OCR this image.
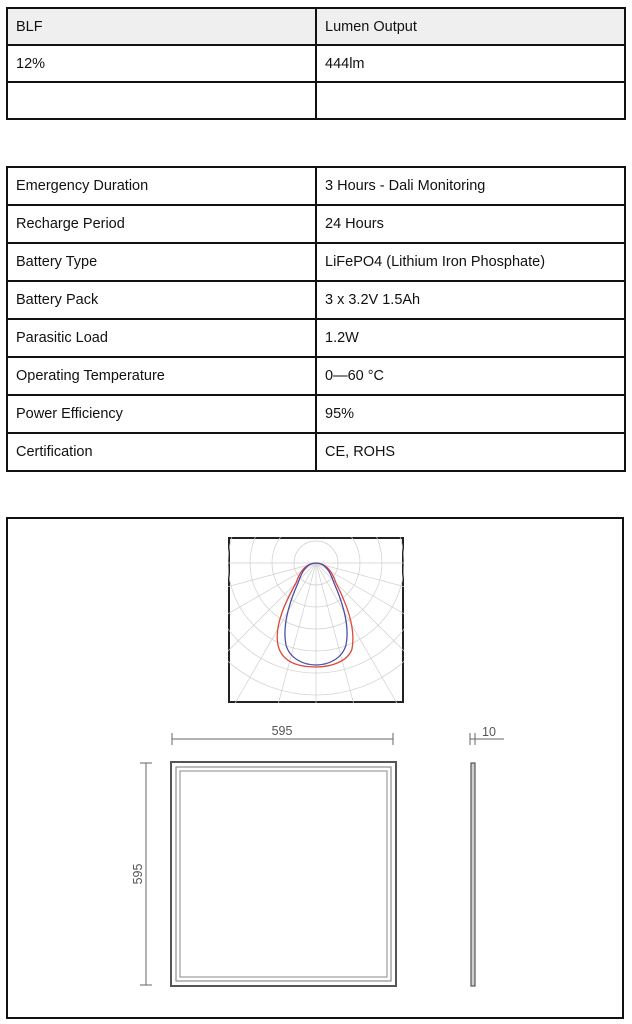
BLF	Lumen Output
12%	444lm

Emergency Duration	3 Hours - Dali Monitoring
Recharge Period	24 Hours
Battery Type	LiFePO4 (Lithium Iron Phosphate)
Battery Pack	3 x 3.2V 1.5Ah
Parasitic Load	1.2W
Operating Temperature	0—60 °C
Power Efficiency	95%
Certification	CE, ROHS
595
595
10
